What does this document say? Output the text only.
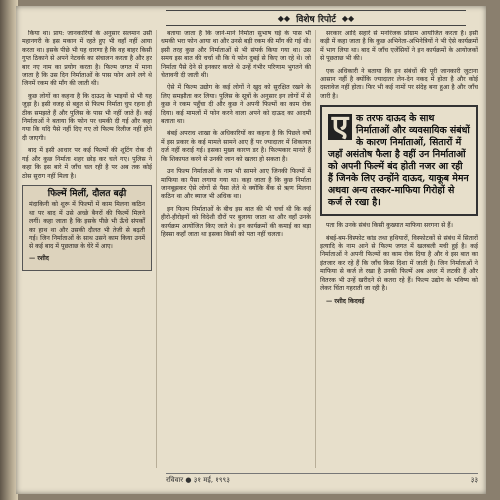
◆◆ विशेष रिपोर्ट ◆◆

किया था। प्राय: जानकारियों के अनुसार सलमान उसी महानगरी के इस मकान में रहते हुए भी वहाँ नहीं आया करता था। इसके पीछे भी यह धारणा है कि वह बाहर किसी गुप्त ठिकाने से अपने नेटवर्क का संचालन करता है और हर बार नए नाम का प्रयोग करता है। फिल्म जगत में माना जाता है कि उस दिन निर्माताओं के पास फोन आने लगे थे जिनमें रकम की माँग की जाती थी।

कुछ लोगों का कहना है कि दाऊद के भाइयों से भी यह जुड़ा है। इसी वजह से बहुत से फिल्म निर्माता चुप रहना ही ठीक समझते हैं और पुलिस के पास भी नहीं जाते हैं। कई निर्माताओं ने बताया कि फोन पर धमकी दी गई और कहा गया कि यदि पैसे नहीं दिए गए तो फिल्म रिलीज नहीं होने दी जाएगी।

बाद में इसी आधार पर कई फिल्मों की शूटिंग रोक दी गई और कुछ निर्माता शहर छोड़ कर चले गए। पुलिस ने कहा कि इस बारे में जाँच चल रही है पर अब तक कोई ठोस सुराग नहीं मिला है।

फिल्में मिलीं, दौलत बढ़ी

मंदाकिनी को शुरू में फिल्मों में काम मिलना कठिन था पर बाद में उसे अच्छे बैनरों की फिल्में मिलने लगीं। कहा जाता है कि इसके पीछे भी ऊँचे संपर्कों का हाथ था और उसकी दौलत भी तेजी से बढ़ती गई। जिन निर्माताओं के साथ उसने काम किया उनमें से कई बाद में पूछताछ के घेरे में आए।

— रशीद

बताया जाता है कि जाने-माने निर्माता सुभाष घई के पास भी धमकी भरा फोन आया था और उनसे बड़ी रकम की माँग की गई थी। इसी तरह कुछ और निर्माताओं से भी संपर्क किया गया था। उस समय इस बात की चर्चा थी कि ये फोन दुबई से किए जा रहे थे। जो निर्माता पैसे देने से इनकार करते थे उन्हें गंभीर परिणाम भुगतने की चेतावनी दी जाती थी।

ऐसे में फिल्म उद्योग के कई लोगों ने खुद को सुरक्षित रखने के लिए समझौता कर लिया। पुलिस के सूत्रों के अनुसार इन लोगों में से कुछ ने रकम पहुँचा दी और कुछ ने अपनी फिल्मों का काम रोक दिया। कई मामलों में फोन करने वाला अपने को दाऊद का आदमी बताता था।

बंबई अपराध शाखा के अधिकारियों का कहना है कि पिछले वर्षों में इस प्रकार के कई मामले सामने आए हैं पर ज्यादातर में शिकायत दर्ज नहीं कराई गई। इसका मुख्य कारण डर है। फिल्मकार मानते हैं कि शिकायत करने से उनकी जान को खतरा हो सकता है।

उन फिल्म निर्माताओं के नाम भी सामने आए जिनकी फिल्मों में माफिया का पैसा लगाया गया था। कहा जाता है कि कुछ निर्माता जानबूझकर ऐसे लोगों से पैसा लेते थे क्योंकि बैंक से ऋण मिलना कठिन था और ब्याज भी अधिक था।

इन फिल्म निर्माताओं के बीच इस बात की भी चर्चा थी कि कई हीरो-हीरोइनों को विदेशी दौरों पर बुलाया जाता था और वहाँ उनके कार्यक्रम आयोजित किए जाते थे। इन कार्यक्रमों की कमाई का बड़ा हिस्सा कहाँ जाता था इसका किसी को पता नहीं चलता।

सरकार आदि सहारे से मनोरंजक प्रोग्राम आयोजित करता है। इसी कड़ी में कहा जाता है कि कुछ अभिनेता-अभिनेत्रियों ने भी ऐसे कार्यक्रमों में भाग लिया था। बाद में जाँच एजेंसियों ने इन कार्यक्रमों के आयोजकों से पूछताछ भी की।

एक अधिकारी ने बताया कि इन संबंधों की पूरी जानकारी जुटाना आसान नहीं है क्योंकि ज्यादातर लेन-देन नकद में होता है और कोई दस्तावेज नहीं होता। फिर भी कई नामों पर संदेह बना हुआ है और जाँच जारी है।

ए क तरफ दाऊद के साथ निर्माताओं और व्यवसायिक संबंधों के कारण निर्माताओं, सितारों में जहाँ असंतोष फैला है वहीं उन निर्माताओं को अपनी फिल्में बंद होती नजर आ रही हैं जिनके लिए उन्होंने दाऊद, याकूब मेमन अथवा अन्य तस्कर-माफिया गिरोहों से कर्ज ले रखा है।

पता कि उनके संबंध किसी कुख्यात माफिया सरगना से हैं।

बंबई-बम-विस्फोट कांड तथा हथियारों, विस्फोटकों से संबंध में सितारों इत्यादि के नाम आने से फिल्म जगत में खलबली मची हुई है। कई निर्माताओं ने अपनी फिल्मों का काम रोक दिया है और वे इस बात का इंतजार कर रहे हैं कि जाँच किस दिशा में जाती है। जिन निर्माताओं ने माफिया से कर्ज ले रखा है उनकी फिल्में अब अधर में लटकी हैं और वितरक भी उन्हें खरीदने से कतरा रहे हैं। फिल्म उद्योग के भविष्य को लेकर चिंता गहराती जा रही है।

— रशीद किदवई

रविवार ● ३१ मई, १९९३	३३
